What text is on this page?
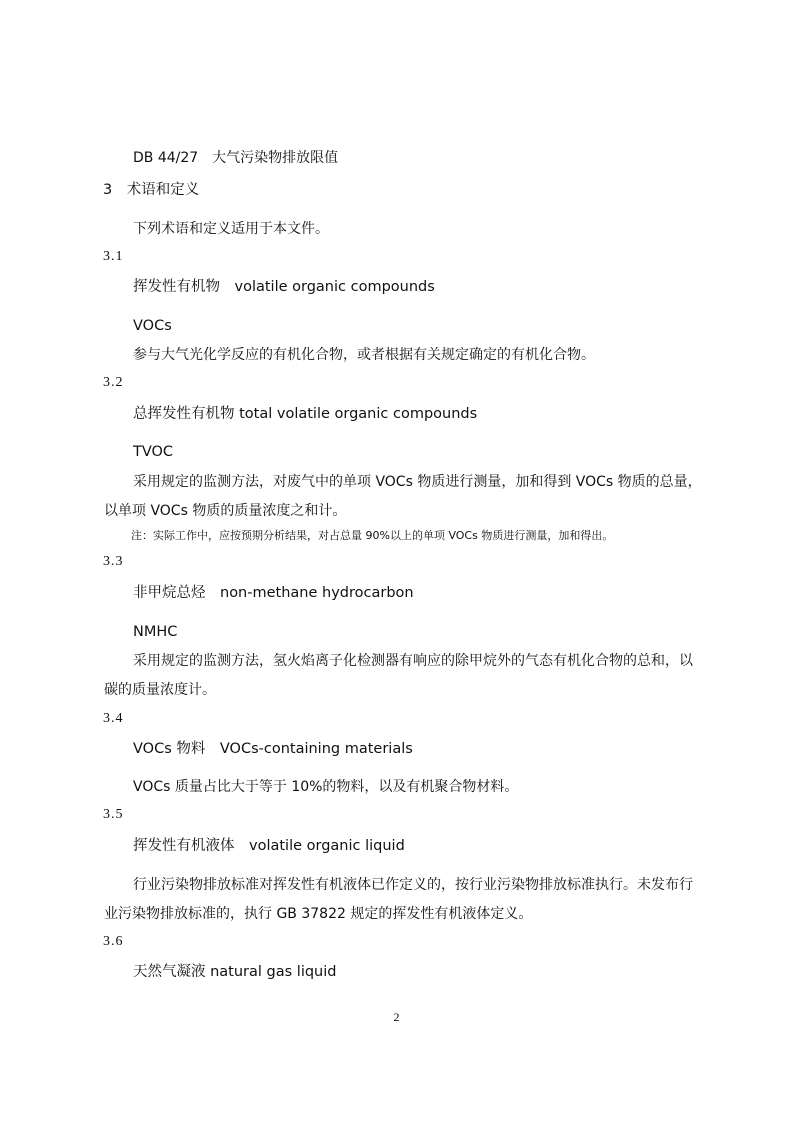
DB 44/27　大气污染物排放限值
3　术语和定义
下列术语和定义适用于本文件。
3.1
挥发性有机物　volatile organic compounds
VOCs
参与大气光化学反应的有机化合物，或者根据有关规定确定的有机化合物。
3.2
总挥发性有机物 total volatile organic compounds
TVOC
采用规定的监测方法，对废气中的单项 VOCs 物质进行测量，加和得到 VOCs 物质的总量，
以单项 VOCs 物质的质量浓度之和计。
注：实际工作中，应按预期分析结果，对占总量 90%以上的单项 VOCs 物质进行测量，加和得出。
3.3
非甲烷总烃　non-methane hydrocarbon
NMHC
采用规定的监测方法，氢火焰离子化检测器有响应的除甲烷外的气态有机化合物的总和，以
碳的质量浓度计。
3.4
VOCs 物料　VOCs-containing materials
VOCs 质量占比大于等于 10%的物料，以及有机聚合物材料。
3.5
挥发性有机液体　volatile organic liquid
行业污染物排放标准对挥发性有机液体已作定义的，按行业污染物排放标准执行。未发布行
业污染物排放标准的，执行 GB 37822 规定的挥发性有机液体定义。
3.6
天然气凝液 natural gas liquid
2
